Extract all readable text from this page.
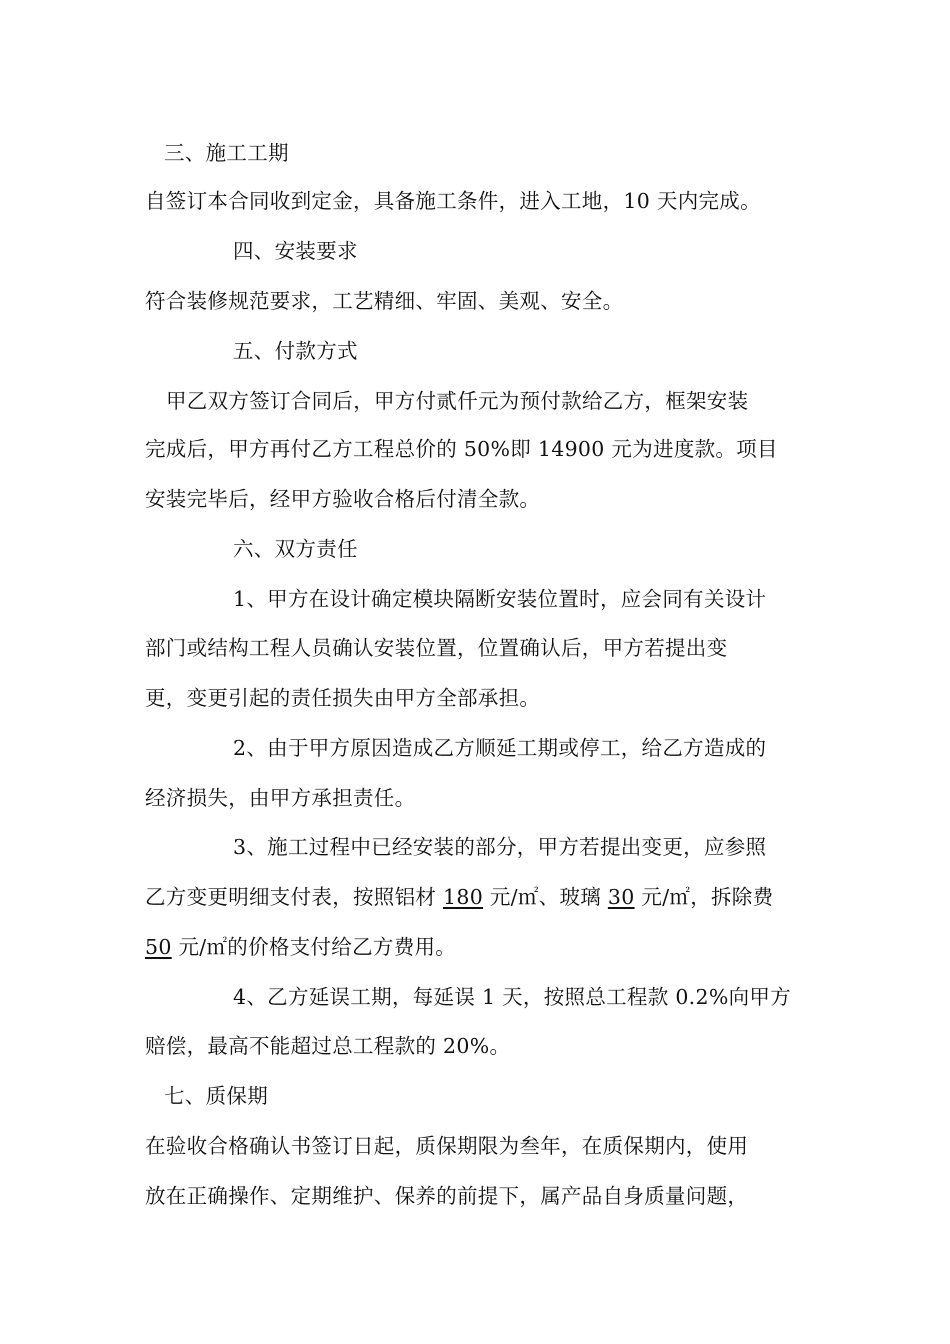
三、施工工期
自签订本合同收到定金，具备施工条件，进入工地，10 天内完成。
四、安装要求
符合装修规范要求，工艺精细、牢固、美观、安全。
五、付款方式
甲乙双方签订合同后，甲方付贰仟元为预付款给乙方，框架安装
完成后，甲方再付乙方工程总价的 50%即 14900 元为进度款。项目
安装完毕后，经甲方验收合格后付清全款。
六、双方责任
1、甲方在设计确定模块隔断安装位置时，应会同有关设计
部门或结构工程人员确认安装位置，位置确认后，甲方若提出变
更，变更引起的责任损失由甲方全部承担。
2、由于甲方原因造成乙方顺延工期或停工，给乙方造成的
经济损失，由甲方承担责任。
3、施工过程中已经安装的部分，甲方若提出变更，应参照
乙方变更明细支付表，按照铝材 180 元/㎡、玻璃 30 元/㎡，拆除费
50 元/㎡的价格支付给乙方费用。
4、乙方延误工期，每延误 1 天，按照总工程款 0.2%向甲方
赔偿，最高不能超过总工程款的 20%。
七、质保期
在验收合格确认书签订日起，质保期限为叁年，在质保期内，使用
放在正确操作、定期维护、保养的前提下，属产品自身质量问题，
